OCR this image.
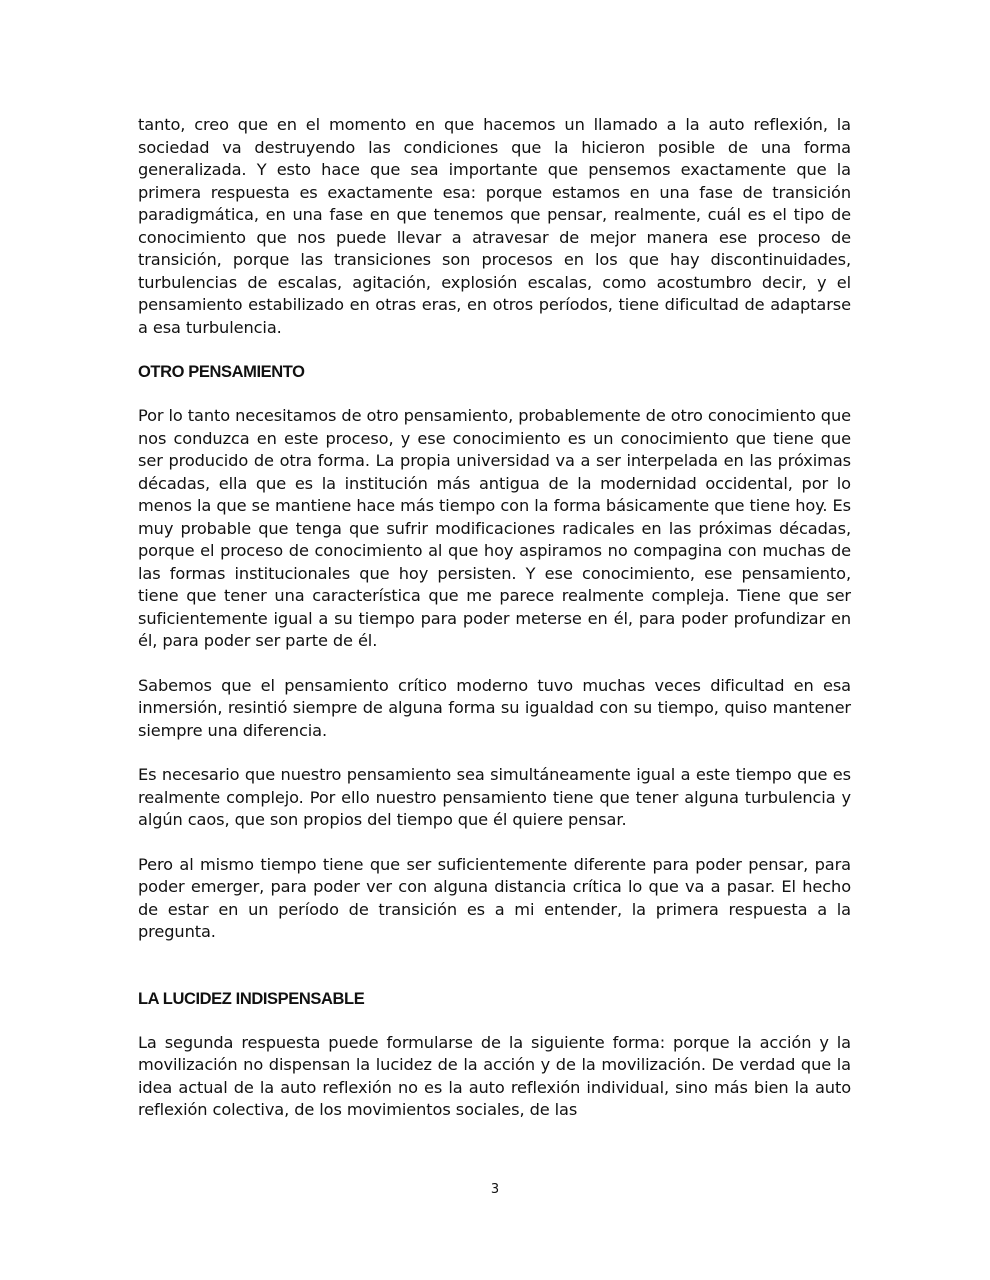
tanto, creo que en el momento en que hacemos un llamado a la auto reflexión, la sociedad va destruyendo las condiciones que la hicieron posible de una forma generalizada. Y esto hace que sea importante que pensemos exactamente que la primera respuesta es exactamente esa: porque estamos en una fase de transición paradigmática, en una fase en que tenemos que pensar, realmente, cuál es el tipo de conocimiento que nos puede llevar a atravesar de mejor manera ese proceso de transición, porque las transiciones son procesos en los que hay discontinuidades, turbulencias de escalas, agitación, explosión escalas, como acostumbro decir, y el pensamiento estabilizado en otras eras, en otros períodos, tiene dificultad de adaptarse a esa turbulencia.

OTRO PENSAMIENTO

Por lo tanto necesitamos de otro pensamiento, probablemente de otro conocimiento que nos conduzca en este proceso, y ese conocimiento es un conocimiento que tiene que ser producido de otra forma. La propia universidad va a ser interpelada en las próximas décadas, ella que es la institución más antigua de la modernidad occidental, por lo menos la que se mantiene hace más tiempo con la forma básicamente que tiene hoy. Es muy probable que tenga que sufrir modificaciones radicales en las próximas décadas, porque el proceso de conocimiento al que hoy aspiramos no compagina con muchas de las formas institucionales que hoy persisten. Y ese conocimiento, ese pensamiento, tiene que tener una característica que me parece realmente compleja. Tiene que ser suficientemente igual a su tiempo para poder meterse en él, para poder profundizar en él, para poder ser parte de él.

Sabemos que el pensamiento crítico moderno tuvo muchas veces dificultad en esa inmersión, resintió siempre de alguna forma su igualdad con su tiempo, quiso mantener siempre una diferencia.

Es necesario que nuestro pensamiento sea simultáneamente igual a este tiempo que es realmente complejo. Por ello nuestro pensamiento tiene que tener alguna turbulencia y algún caos, que son propios del tiempo que él quiere pensar.

Pero al mismo tiempo tiene que ser suficientemente diferente para poder pensar, para poder emerger, para poder ver con alguna distancia crítica lo que va a pasar. El hecho de estar en un período de transición es a mi entender, la primera respuesta a la pregunta.

LA LUCIDEZ INDISPENSABLE

La segunda respuesta puede formularse de la siguiente forma: porque la acción y la movilización no dispensan la lucidez de la acción y de la movilización. De verdad que la idea actual de la auto reflexión no es la auto reflexión individual, sino más bien la auto reflexión colectiva, de los movimientos sociales, de las

3
